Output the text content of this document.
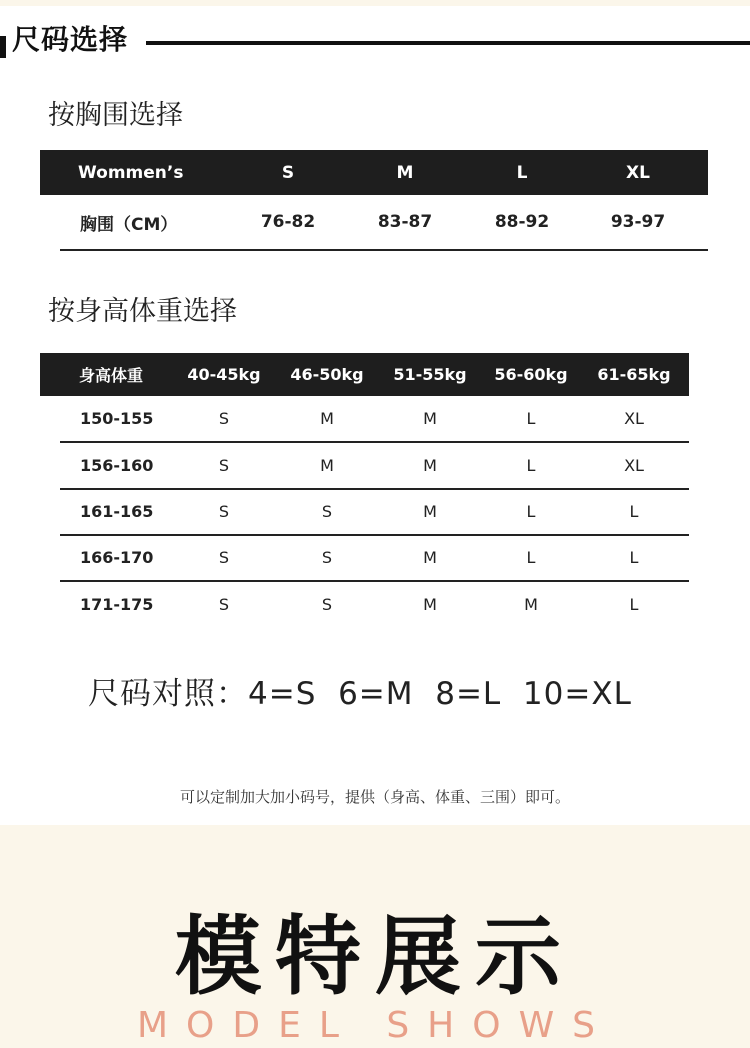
尺码选择
按胸围选择
Wommen’s	S	M	L	XL
胸围（CM）	76-82	83-87	88-92	93-97
按身高体重选择
身高体重	40-45kg	46-50kg	51-55kg	56-60kg	61-65kg
150-155	S	M	M	L	XL
156-160	S	M	M	L	XL
161-165	S	S	M	L	L
166-170	S	S	M	L	L
171-175	S	S	M	M	L
尺码对照：4=S  6=M  8=L  10=XL
可以定制加大加小码号，提供（身高、体重、三围）即可。
模特展示
MODEL SHOWS
